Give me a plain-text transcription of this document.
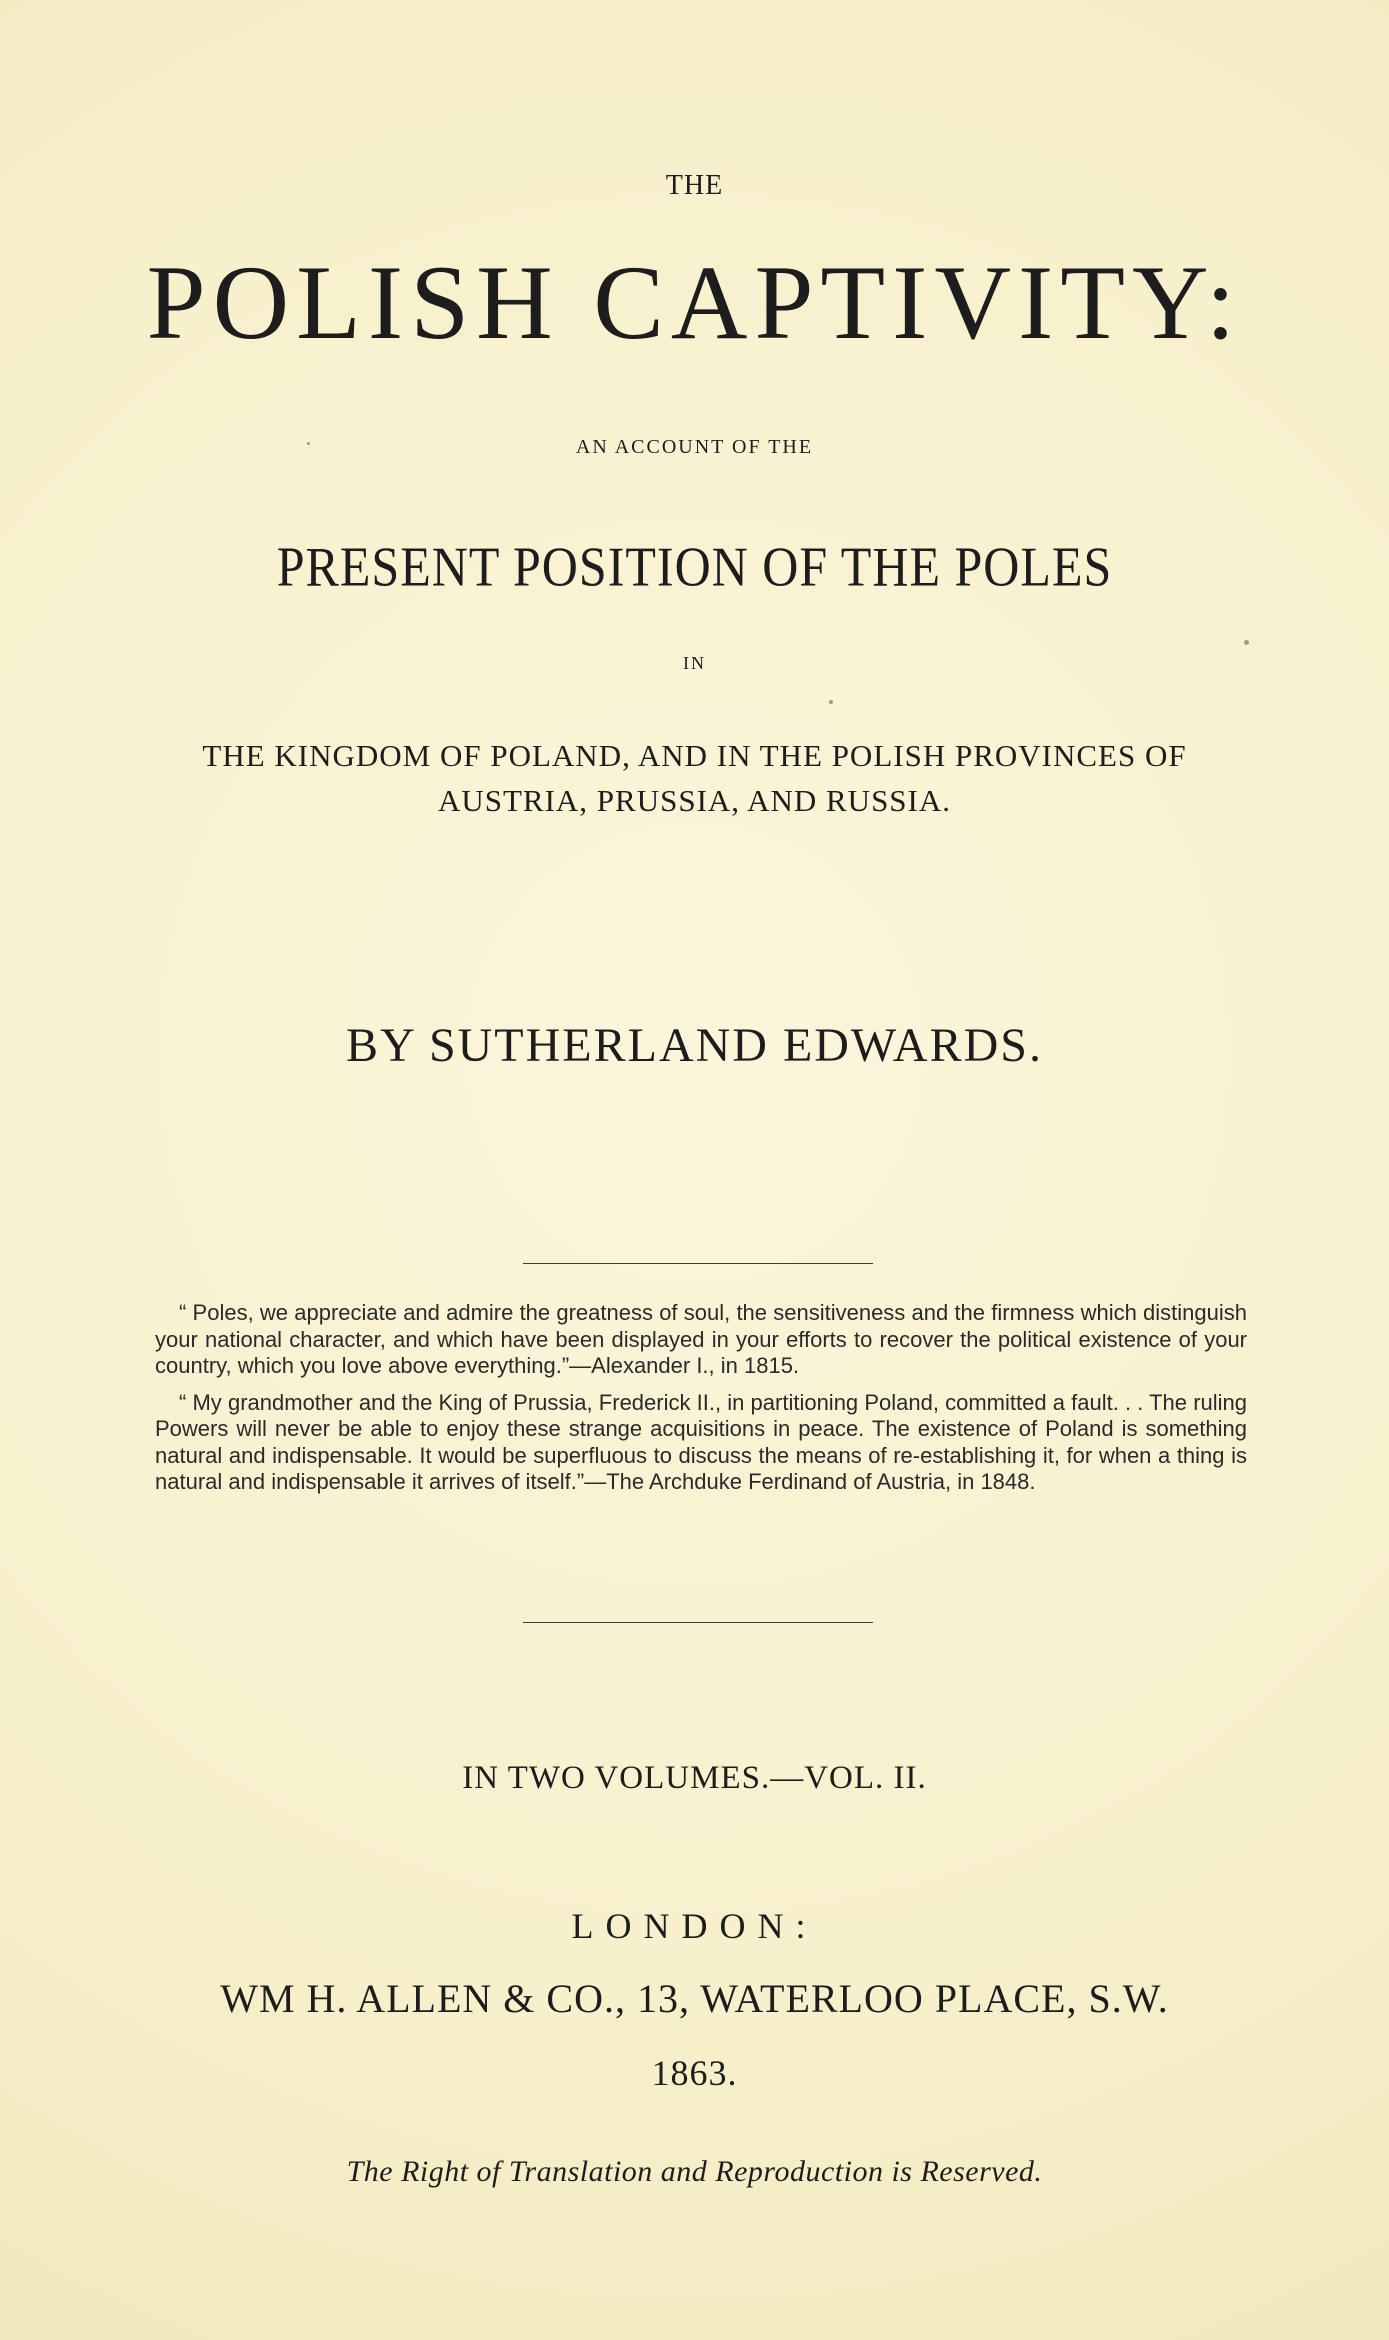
THE
POLISH CAPTIVITY:
AN ACCOUNT OF THE
PRESENT POSITION OF THE POLES
IN
THE KINGDOM OF POLAND, AND IN THE POLISH PROVINCES OF
AUSTRIA, PRUSSIA, AND RUSSIA.
BY SUTHERLAND EDWARDS.

“ Poles, we appreciate and admire the greatness of soul, the sensitiveness and the firmness which distinguish your national character, and which have been displayed in your efforts to recover the political existence of your country, which you love above everything.”—Alexander I., in 1815.

“ My grandmother and the King of Prussia, Frederick II., in partitioning Poland, committed a fault. . . The ruling Powers will never be able to enjoy these strange acquisitions in peace. The existence of Poland is something natural and indispensable. It would be superfluous to discuss the means of re-establishing it, for when a thing is natural and indispensable it arrives of itself.”—The Archduke Ferdinand of Austria, in 1848.

IN TWO VOLUMES.—VOL. II.
LONDON:
WM H. ALLEN & CO., 13, WATERLOO PLACE, S.W.
1863.
The Right of Translation and Reproduction is Reserved.
